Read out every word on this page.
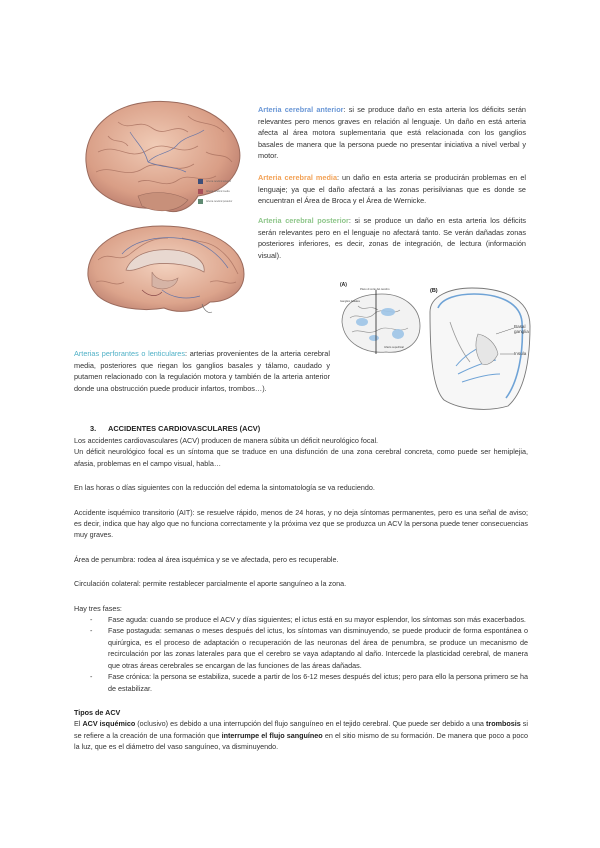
Arteria cerebral anterior
Arteria cerebral media
Arteria cerebral posterior

Arteria cerebral anterior: si se produce daño en esta arteria los déficits serán relevantes pero menos graves en relación al lenguaje. Un daño en está arteria afecta al área motora suplementaria que está relacionada con los ganglios basales de manera que la persona puede no presentar iniciativa a nivel verbal y motor.

Arteria cerebral media: un daño en esta arteria se producirán problemas en el lenguaje; ya que el daño afectará a las zonas perisilvianas que es donde se encuentran el Área de Broca y el Área de Wernicke.

Arteria cerebral posterior: si se produce un daño en esta arteria los déficits serán relevantes pero en el lenguaje no afectará tanto. Se verán dañadas zonas posteriores inferiores, es decir, zonas de integración, de lectura (información visual).

(A)
(B)
Plano di corte del cerebro
Ganglios basales
Infarto superficial
Basal ganglia
Insula

Arterias perforantes o lenticulares: arterias provenientes de la arteria cerebral media, posteriores que riegan los ganglios basales y tálamo, caudado y putamen relacionado con la regulación motora y también de la arteria anterior donde una obstrucción puede producir infartos, trombos…).

3. ACCIDENTES CARDIOVASCULARES (ACV)

Los accidentes cardiovasculares (ACV) producen de manera súbita un déficit neurológico focal.

Un déficit neurológico focal es un síntoma que se traduce en una disfunción de una zona cerebral concreta, como puede ser hemiplejia, afasia, problemas en el campo visual, habla…

En las horas o días siguientes con la reducción del edema la sintomatología se va reduciendo.

Accidente isquémico transitorio (AIT): se resuelve rápido, menos de 24 horas, y no deja síntomas permanentes, pero es una señal de aviso; es decir, indica que hay algo que no funciona correctamente y la próxima vez que se produzca un ACV la persona puede tener consecuencias muy graves.

Área de penumbra: rodea al área isquémica y se ve afectada, pero es recuperable.

Circulación colateral: permite restablecer parcialmente el aporte sanguíneo a la zona.

Hay tres fases:

- Fase aguda: cuando se produce el ACV y días siguientes; el ictus está en su mayor esplendor, los síntomas son más exacerbados.
- Fase postaguda: semanas o meses después del ictus, los síntomas van disminuyendo, se puede producir de forma espontánea o quirúrgica, es el proceso de adaptación o recuperación de las neuronas del área de penumbra, se produce un mecanismo de recirculación por las zonas laterales para que el cerebro se vaya adaptando al daño. Intercede la plasticidad cerebral, de manera que otras áreas cerebrales se encargan de las funciones de las áreas dañadas.
- Fase crónica: la persona se estabiliza, sucede a partir de los 6-12 meses después del ictus; pero para ello la persona primero se ha de estabilizar.

Tipos de ACV

El ACV isquémico (oclusivo) es debido a una interrupción del flujo sanguíneo en el tejido cerebral. Que puede ser debido a una trombosis si se refiere a la creación de una formación que interrumpe el flujo sanguíneo en el sitio mismo de su formación. De manera que poco a poco la luz, que es el diámetro del vaso sanguíneo, va disminuyendo.
